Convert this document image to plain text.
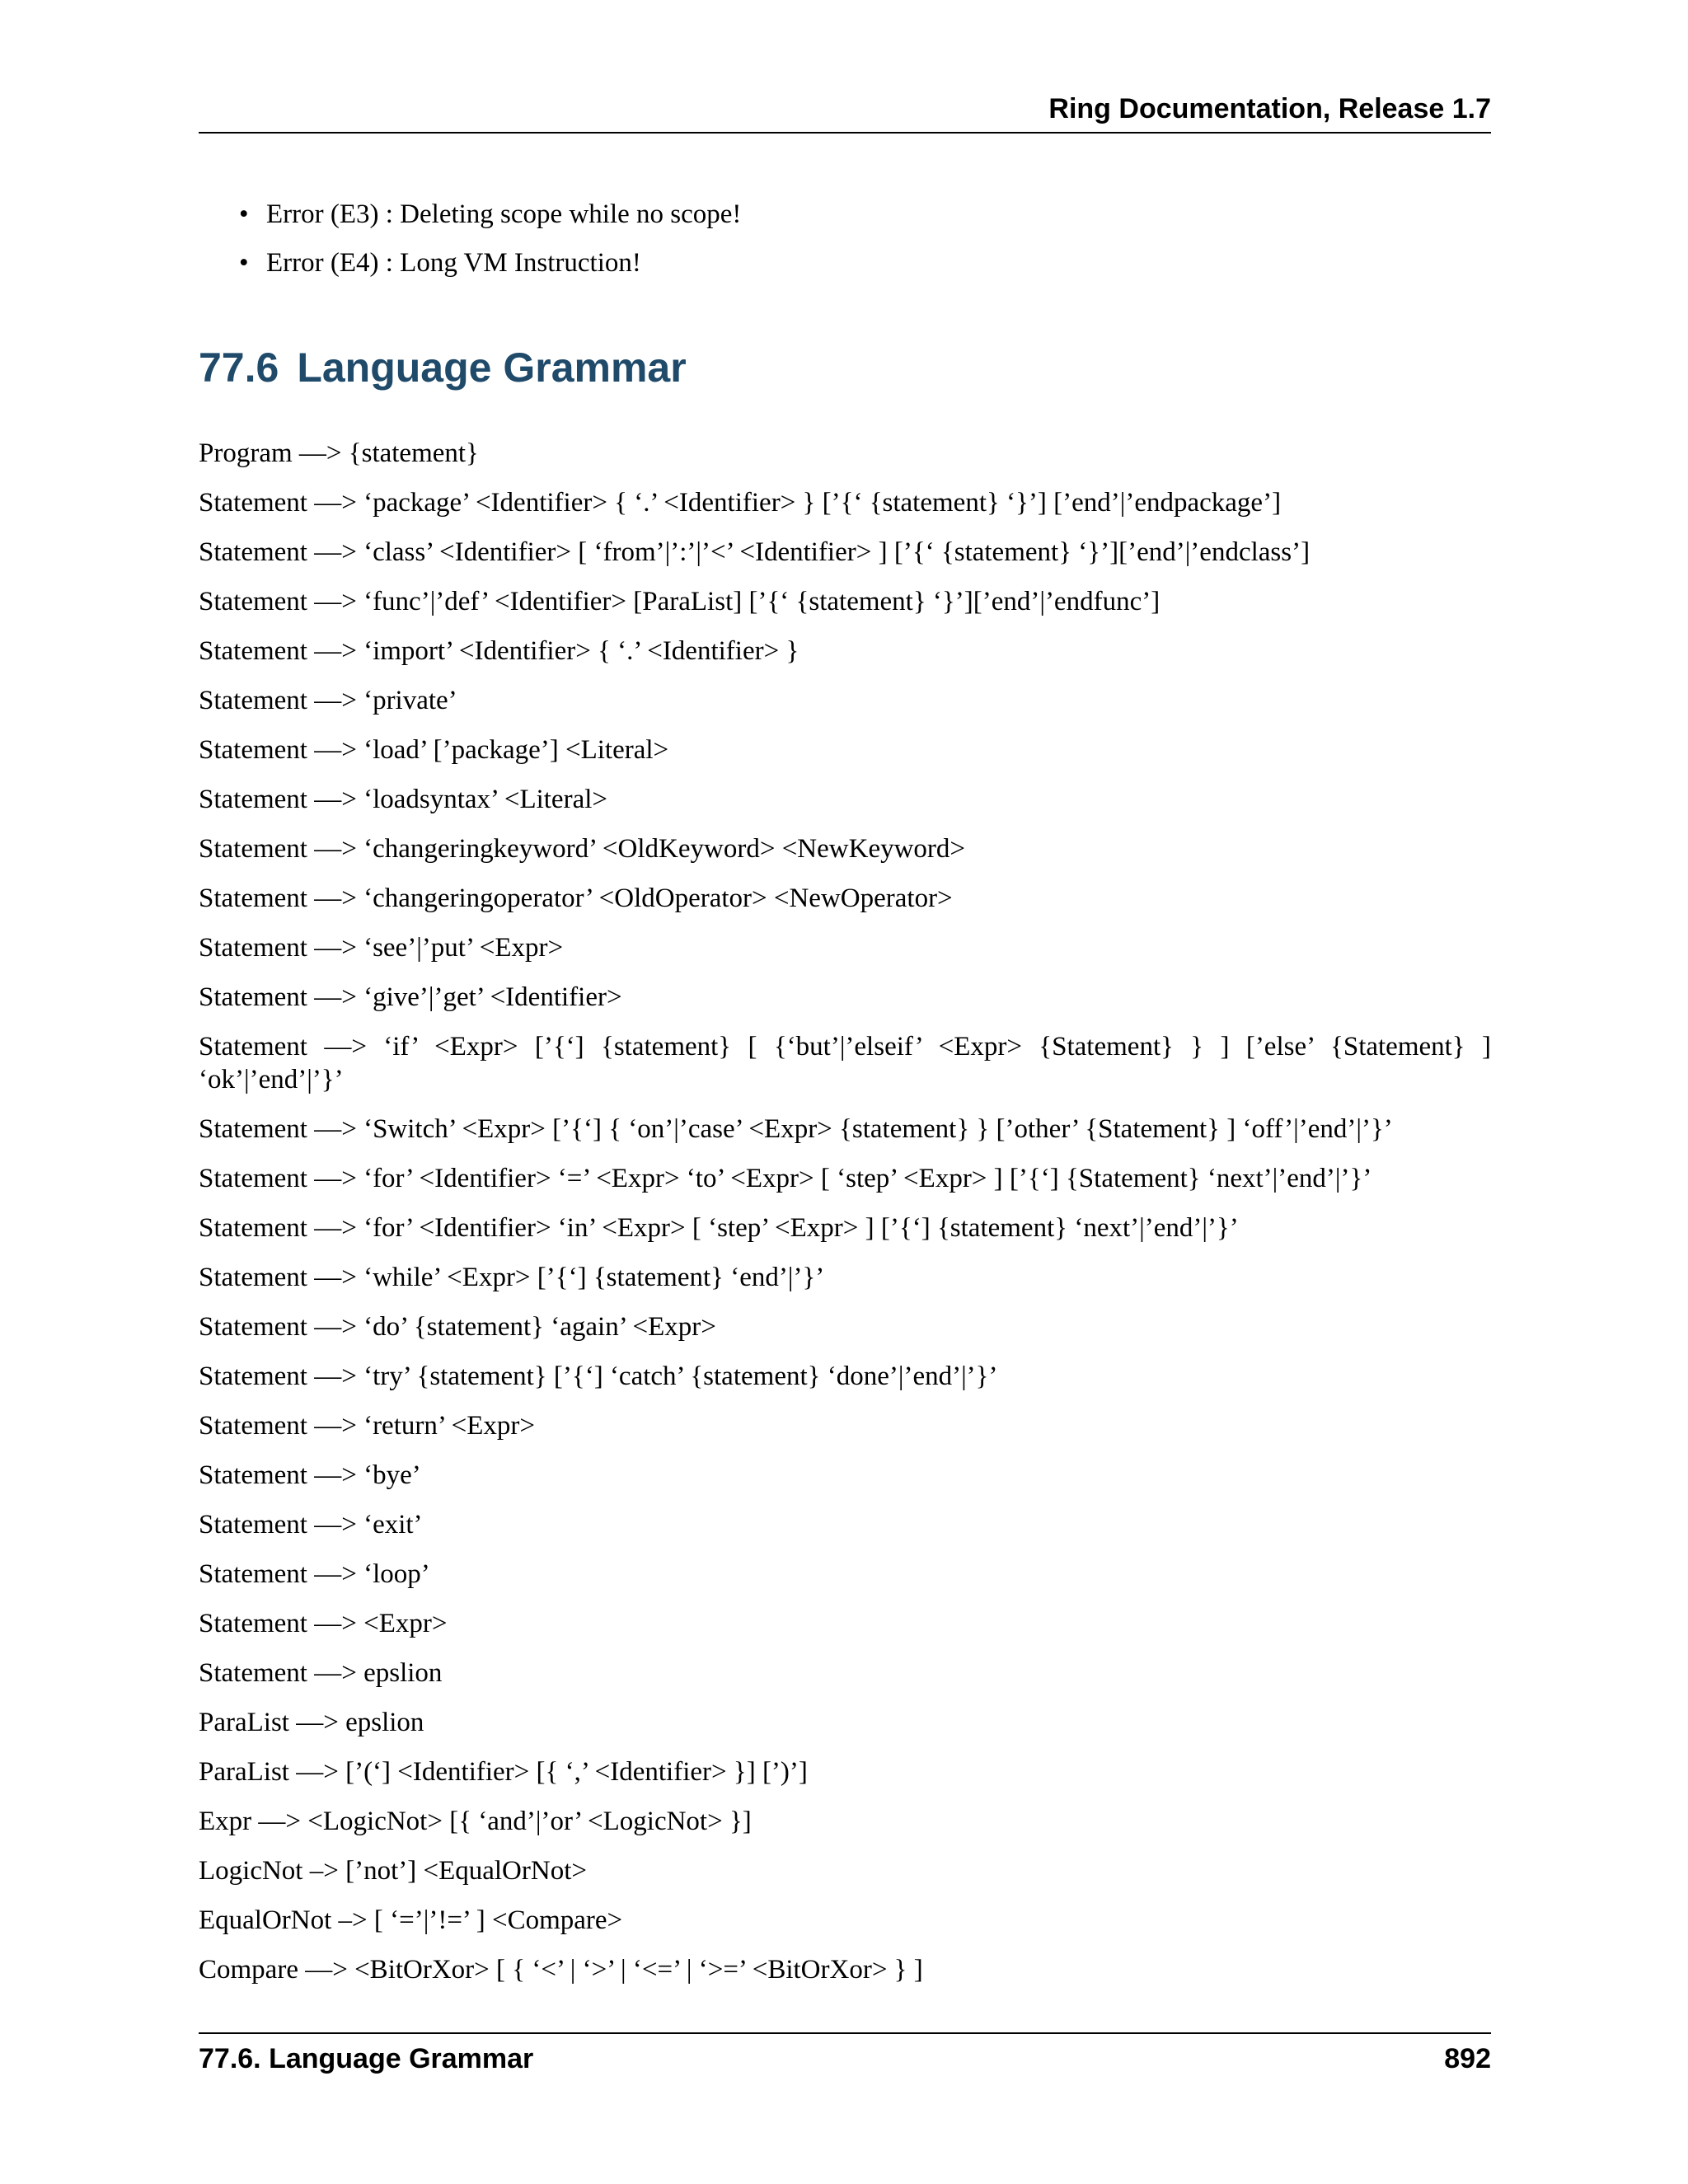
Ring Documentation, Release 1.7
• Error (E3) : Deleting scope while no scope!
• Error (E4) : Long VM Instruction!
77.6 Language Grammar

Program —> {statement}

Statement —> ‘package’ <Identifier> { ‘.’ <Identifier> } [’{‘ {statement} ‘}’] [’end’|’endpackage’]

Statement —> ‘class’ <Identifier> [ ‘from’|’:’|’<’ <Identifier> ] [’{‘ {statement} ‘}’][’end’|’endclass’]

Statement —> ‘func’|’def’ <Identifier> [ParaList] [’{‘ {statement} ‘}’][’end’|’endfunc’]

Statement —> ‘import’ <Identifier> { ‘.’ <Identifier> }

Statement —> ‘private’

Statement —> ‘load’ [’package’] <Literal>

Statement —> ‘loadsyntax’ <Literal>

Statement —> ‘changeringkeyword’ <OldKeyword> <NewKeyword>

Statement —> ‘changeringoperator’ <OldOperator> <NewOperator>

Statement —> ‘see’|’put’ <Expr>

Statement —> ‘give’|’get’ <Identifier>

Statement —> ‘if’ <Expr> [’{‘] {statement} [ {‘but’|’elseif’ <Expr> {Statement} } ] [’else’ {Statement} ] ‘ok’|’end’|’}’

Statement —> ‘Switch’ <Expr> [’{‘] { ‘on’|’case’ <Expr> {statement} } [’other’ {Statement} ] ‘off’|’end’|’}’

Statement —> ‘for’ <Identifier> ‘=’ <Expr> ‘to’ <Expr> [ ‘step’ <Expr> ] [’{‘] {Statement} ‘next’|’end’|’}’

Statement —> ‘for’ <Identifier> ‘in’ <Expr> [ ‘step’ <Expr> ] [’{‘] {statement} ‘next’|’end’|’}’

Statement —> ‘while’ <Expr> [’{‘] {statement} ‘end’|’}’

Statement —> ‘do’ {statement} ‘again’ <Expr>

Statement —> ‘try’ {statement} [’{‘] ‘catch’ {statement} ‘done’|’end’|’}’

Statement —> ‘return’ <Expr>

Statement —> ‘bye’

Statement —> ‘exit’

Statement —> ‘loop’

Statement —> <Expr>

Statement —> epslion

ParaList —> epslion

ParaList —> [’(‘] <Identifier> [{ ‘,’ <Identifier> }] [’)’]

Expr —> <LogicNot> [{ ‘and’|’or’ <LogicNot> }]

LogicNot –> [’not’] <EqualOrNot>

EqualOrNot –> [ ‘=’|’!=’ ] <Compare>

Compare —> <BitOrXor> [ { ‘<’ | ‘>’ | ‘<=’ | ‘>=’ <BitOrXor> } ]

77.6. Language Grammar	892
